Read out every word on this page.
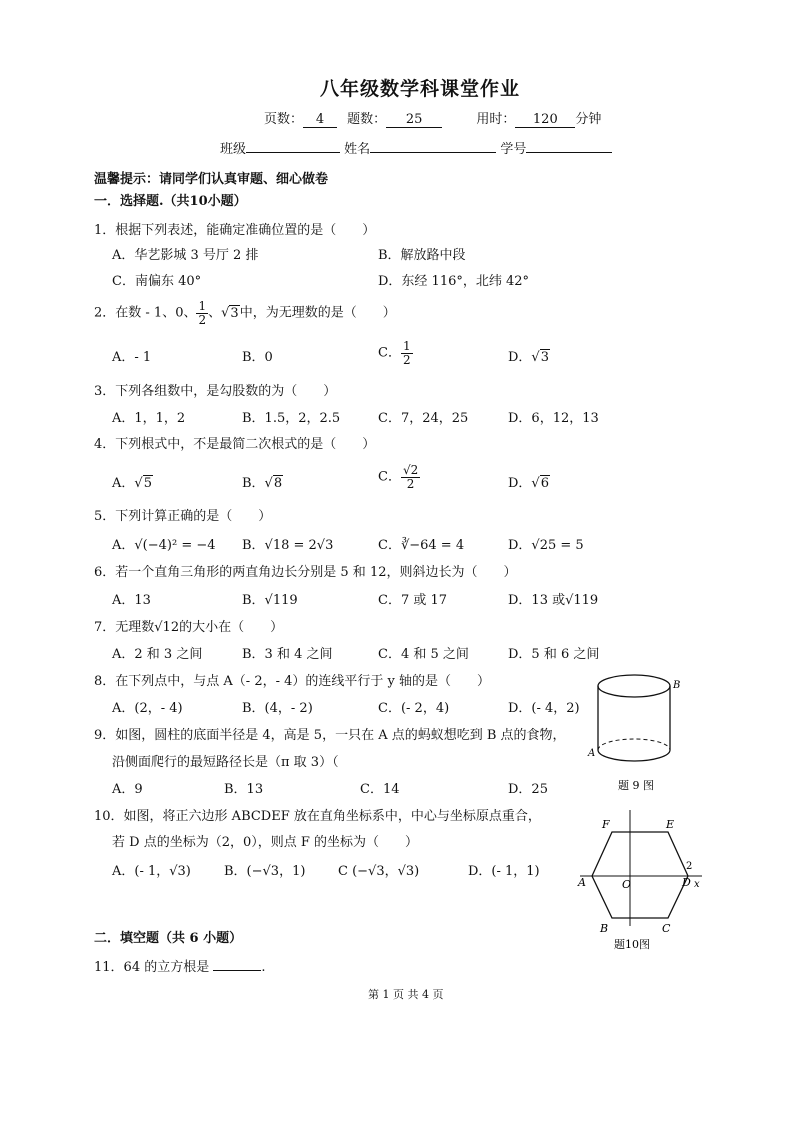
八年级数学科课堂作业
页数： 4 题数： 25	用时： 120 分钟
班级	姓名	学号
温馨提示：请同学们认真审题、细心做卷
一．选择题.（共10小题）
1．根据下列表述，能确定准确位置的是（　　）
A．华艺影城 3 号厅 2 排	B．解放路中段
C．南偏东 40°	D．东经 116°，北纬 42°
2．在数 - 1、0、 $\frac{1}{2}$ 、√3中，为无理数的是（　　）
A．- 1	B．0	C． $\frac{1}{2}$	D．√3
3．下列各组数中，是勾股数的为（　　）
A．1，1，2	B．1.5，2，2.5	C．7，24，25	D．6，12，13
4．下列根式中，不是最简二次根式的是（　　）
A．√5	B．√8	C． $\frac{√2}{2}$	D．√6
5．下列计算正确的是（　　）
A．√(−4)² = −4 B．√18 = 2√3	C．∛−64 = 4	D．√25 = 5
6．若一个直角三角形的两直角边长分别是 5 和 12，则斜边长为（　　）
A．13	B．√119	C．7 或 17	D．13 或√119
7．无理数√12的大小在（　　）
A．2 和 3 之间	B．3 和 4 之间	C．4 和 5 之间	D．5 和 6 之间
8．在下列点中，与点 A（- 2，- 4）的连线平行于 y 轴的是（　　）
A．(2，- 4)	B．(4，- 2)	C．(- 2，4)	D．(- 4，2)
9．如图，圆柱的底面半径是 4，高是 5，一只在 A 点的蚂蚁想吃到 B 点的食物，
沿侧面爬行的最短路径长是（π 取 3）（
A．9	B．13	C．14	D．25
A
B
题 9 图
10．如图，将正六边形 ABCDEF 放在直角坐标系中，中心与坐标原点重合，
若 D 点的坐标为（2，0），则点 F 的坐标为（　　）
A．(- 1，√3)	B．(−√3，1)	C (−√3，√3)	D．(- 1，1)
A
B	C
D
E
F
O	x
2
题10图
二．填空题（共 6 小题）
11．64 的立方根是	.
第 1 页 共 4 页
